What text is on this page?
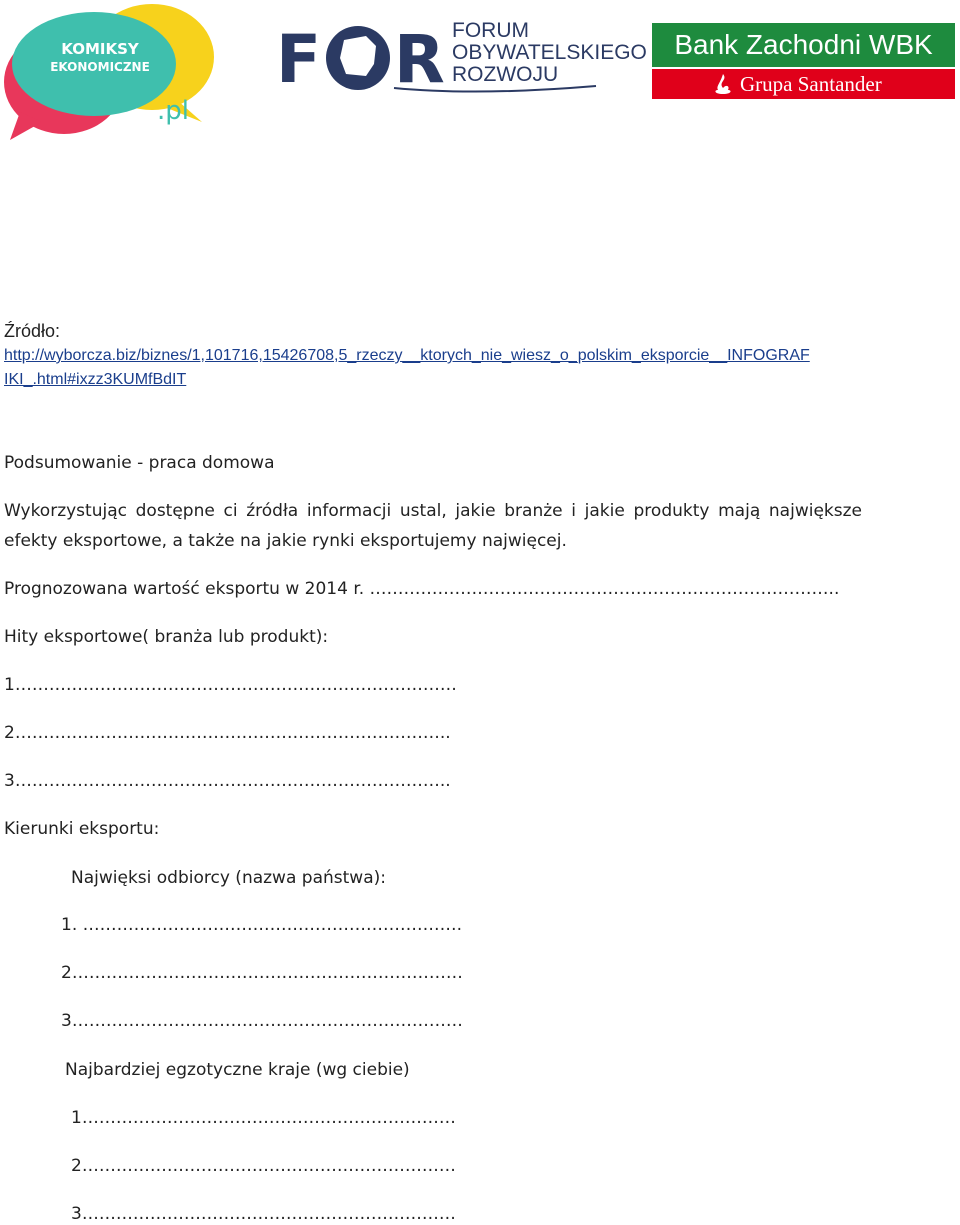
KOMIKSY
EKONOMICZNE
.pl
F R FORUM
OBYWATELSKIEGO
ROZWOJU
Bank Zachodni WBK
Grupa Santander
Źródło:
http://wyborcza.biz/biznes/1,101716,15426708,5_rzeczy__ktorych_nie_wiesz_o_polskim_eksporcie__INFOGRAF
IKI_.html#ixzz3KUMfBdIT
Podsumowanie - praca domowa
Wykorzystując dostępne ci źródła informacji ustal, jakie branże i jakie produkty mają największe
efekty eksportowe, a także na jakie rynki eksportujemy najwięcej.
Prognozowana wartość eksportu w 2014 r. ………………………………………………………………………..
Hity eksportowe( branża lub produkt):
1……………………………………………………………………
2…………………………………………………………………..
3…………………………………………………………………..
Kierunki eksportu:
Najwięksi odbiorcy (nazwa państwa):
1. ………………………………………………………….
2……………………………………………………………
3……………………………………………………………
Najbardziej egzotyczne kraje (wg ciebie)
1…………………………………………………………
2…………………………………………………………
3…………………………………………………………
